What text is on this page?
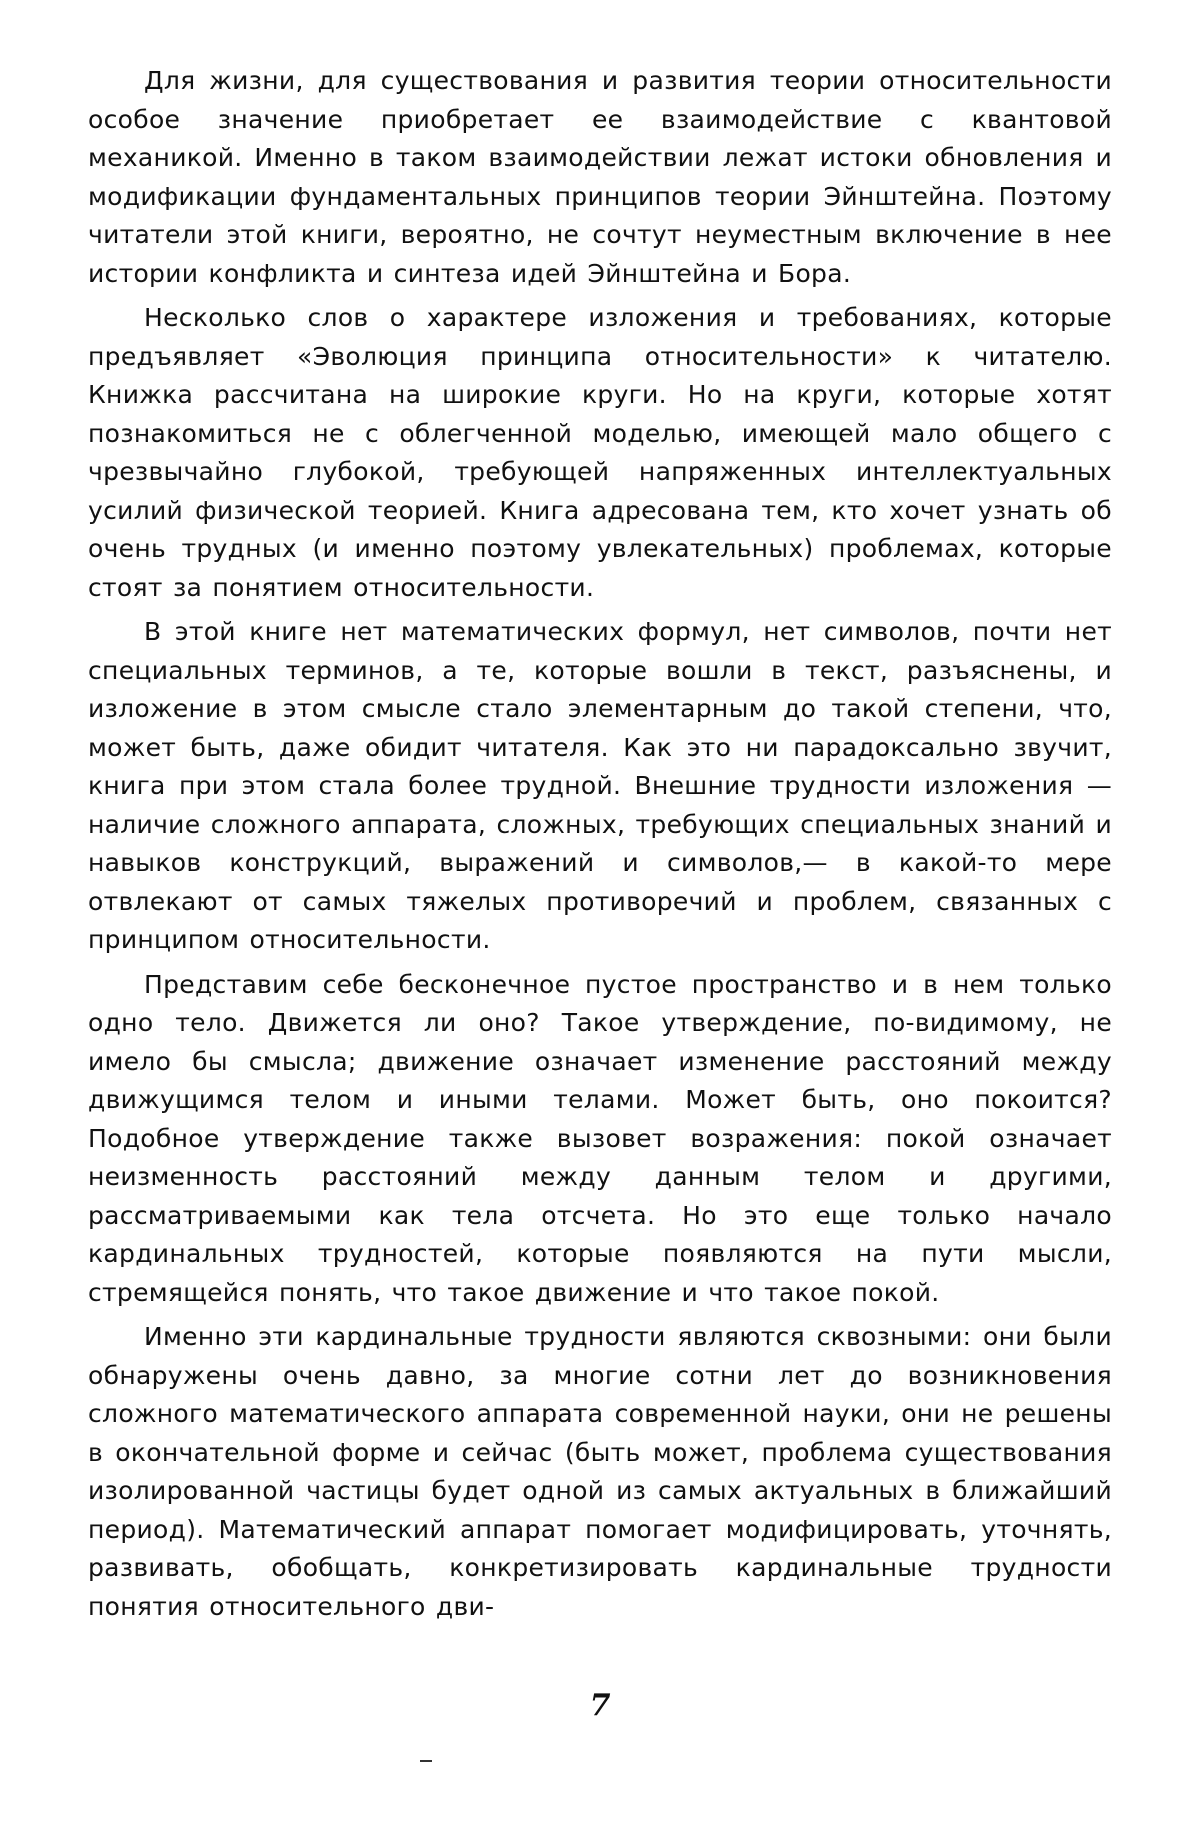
Для жизни, для существования и развития теории относительности особое значение приобретает ее взаимодействие с квантовой механикой. Именно в таком взаимодействии лежат истоки обновления и модификации фундаментальных принципов теории Эйнштейна. Поэтому читатели этой книги, вероятно, не сочтут неуместным включение в нее истории конфликта и синтеза идей Эйнштейна и Бора.

Несколько слов о характере изложения и требованиях, которые предъявляет «Эволюция принципа относительности» к читателю. Книжка рассчитана на широкие круги. Но на круги, которые хотят познакомиться не с облегченной моделью, имеющей мало общего с чрезвычайно глубокой, требующей напряженных интеллектуальных усилий физической теорией. Книга адресована тем, кто хочет узнать об очень трудных (и именно поэтому увлекательных) проблемах, которые стоят за понятием относительности.

В этой книге нет математических формул, нет символов, почти нет специальных терминов, а те, которые вошли в текст, разъяснены, и изложение в этом смысле стало элементарным до такой степени, что, может быть, даже обидит читателя. Как это ни парадоксально звучит, книга при этом стала более трудной. Внешние трудности изложения — наличие сложного аппарата, сложных, требующих специальных знаний и навыков конструкций, выражений и символов,— в какой-то мере отвлекают от самых тяжелых противоречий и проблем, связанных с принципом относительности.

Представим себе бесконечное пустое пространство и в нем только одно тело. Движется ли оно? Такое утверждение, по-видимому, не имело бы смысла; движение означает изменение расстояний между движущимся телом и иными телами. Может быть, оно покоится? Подобное утверждение также вызовет возражения: покой означает неизменность расстояний между данным телом и другими, рассматриваемыми как тела отсчета. Но это еще только начало кардинальных трудностей, которые появляются на пути мысли, стремящейся понять, что такое движение и что такое покой.

Именно эти кардинальные трудности являются сквозными: они были обнаружены очень давно, за многие сотни лет до возникновения сложного математического аппарата современной науки, они не решены в окончательной форме и сейчас (быть может, проблема существования изолированной частицы будет одной из самых актуальных в ближайший период). Математический аппарат помогает модифицировать, уточнять, развивать, обобщать, конкретизировать кардинальные трудности понятия относительного дви-

7
